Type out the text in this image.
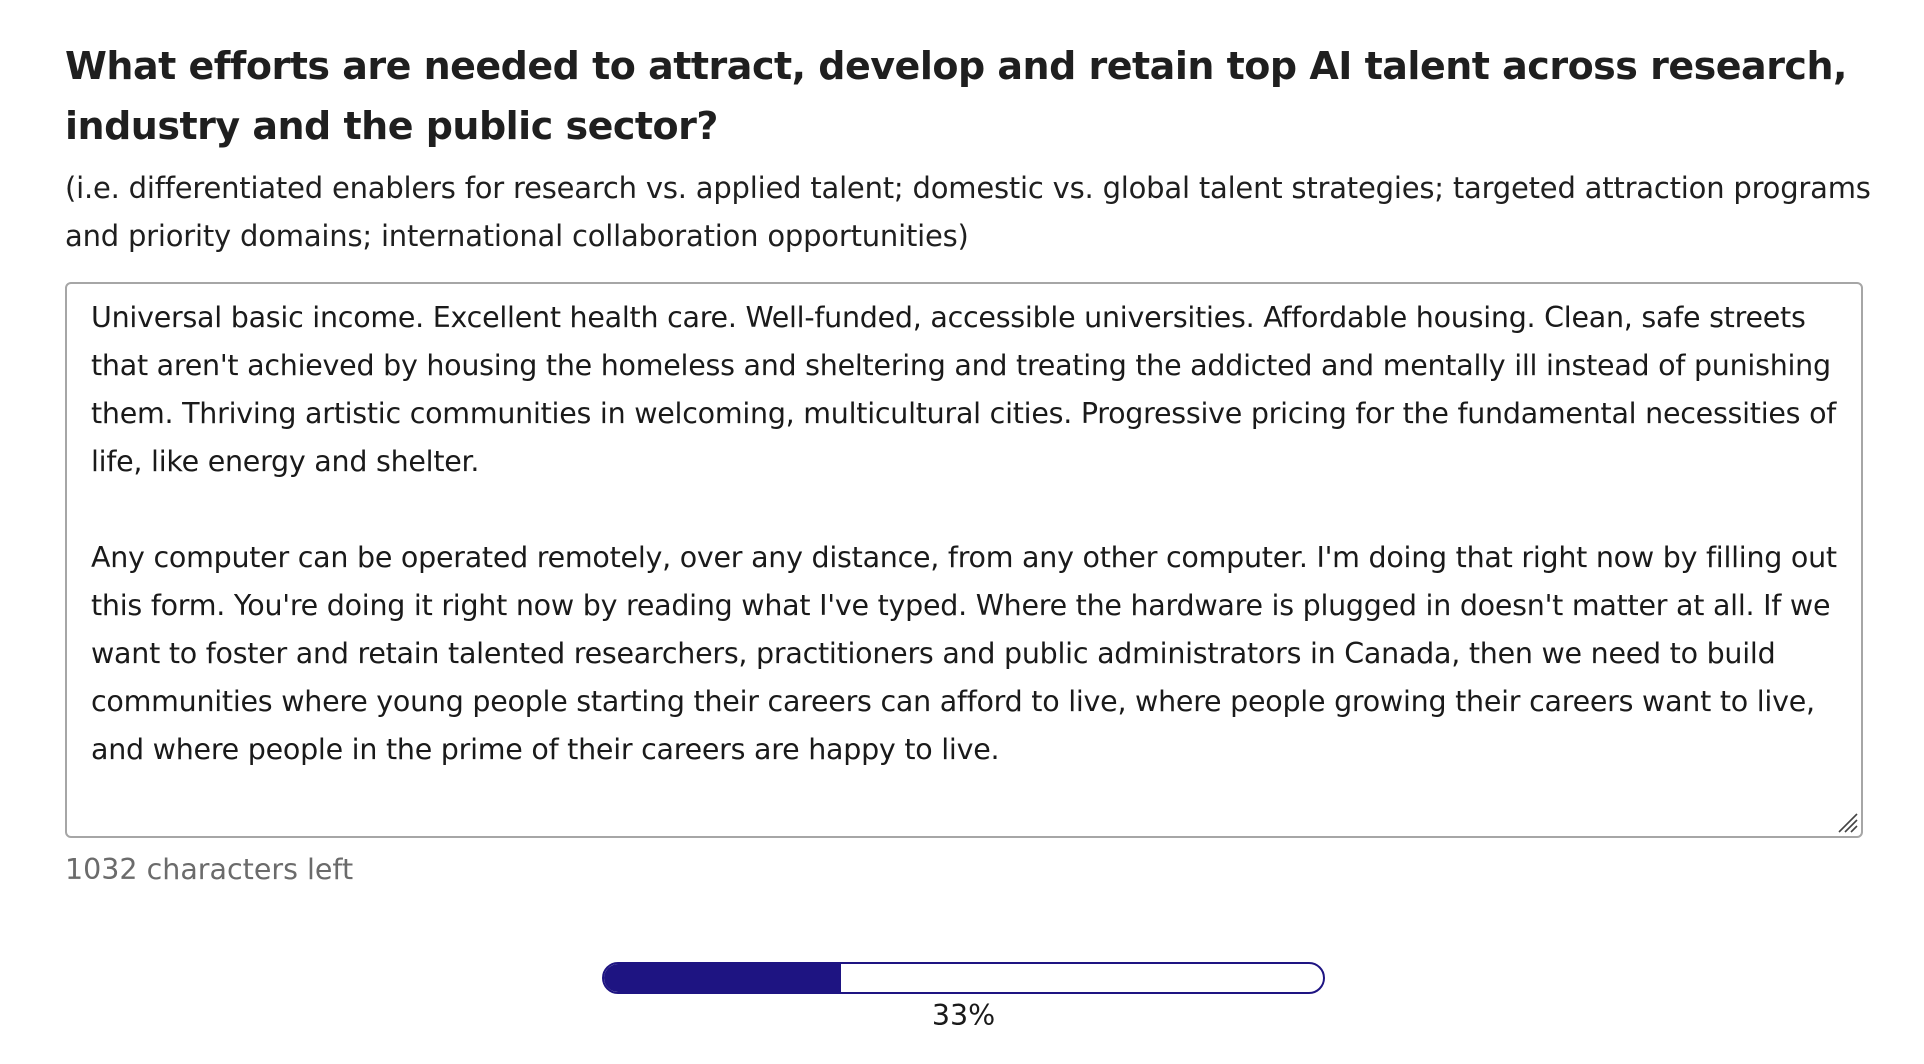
What efforts are needed to attract, develop and retain top AI talent across research, industry and the public sector?

(i.e. differentiated enablers for research vs. applied talent; domestic vs. global talent strategies; targeted attraction programs and priority domains; international collaboration opportunities)

Universal basic income. Excellent health care. Well-funded, accessible universities. Affordable housing. Clean, safe streets that aren't achieved by housing the homeless and sheltering and treating the addicted and mentally ill instead of punishing them. Thriving artistic communities in welcoming, multicultural cities. Progressive pricing for the fundamental necessities of life, like energy and shelter.

Any computer can be operated remotely, over any distance, from any other computer. I'm doing that right now by filling out this form. You're doing it right now by reading what I've typed. Where the hardware is plugged in doesn't matter at all. If we want to foster and retain talented researchers, practitioners and public administrators in Canada, then we need to build communities where young people starting their careers can afford to live, where people growing their careers want to live, and where people in the prime of their careers are happy to live.
1032 characters left
33%
